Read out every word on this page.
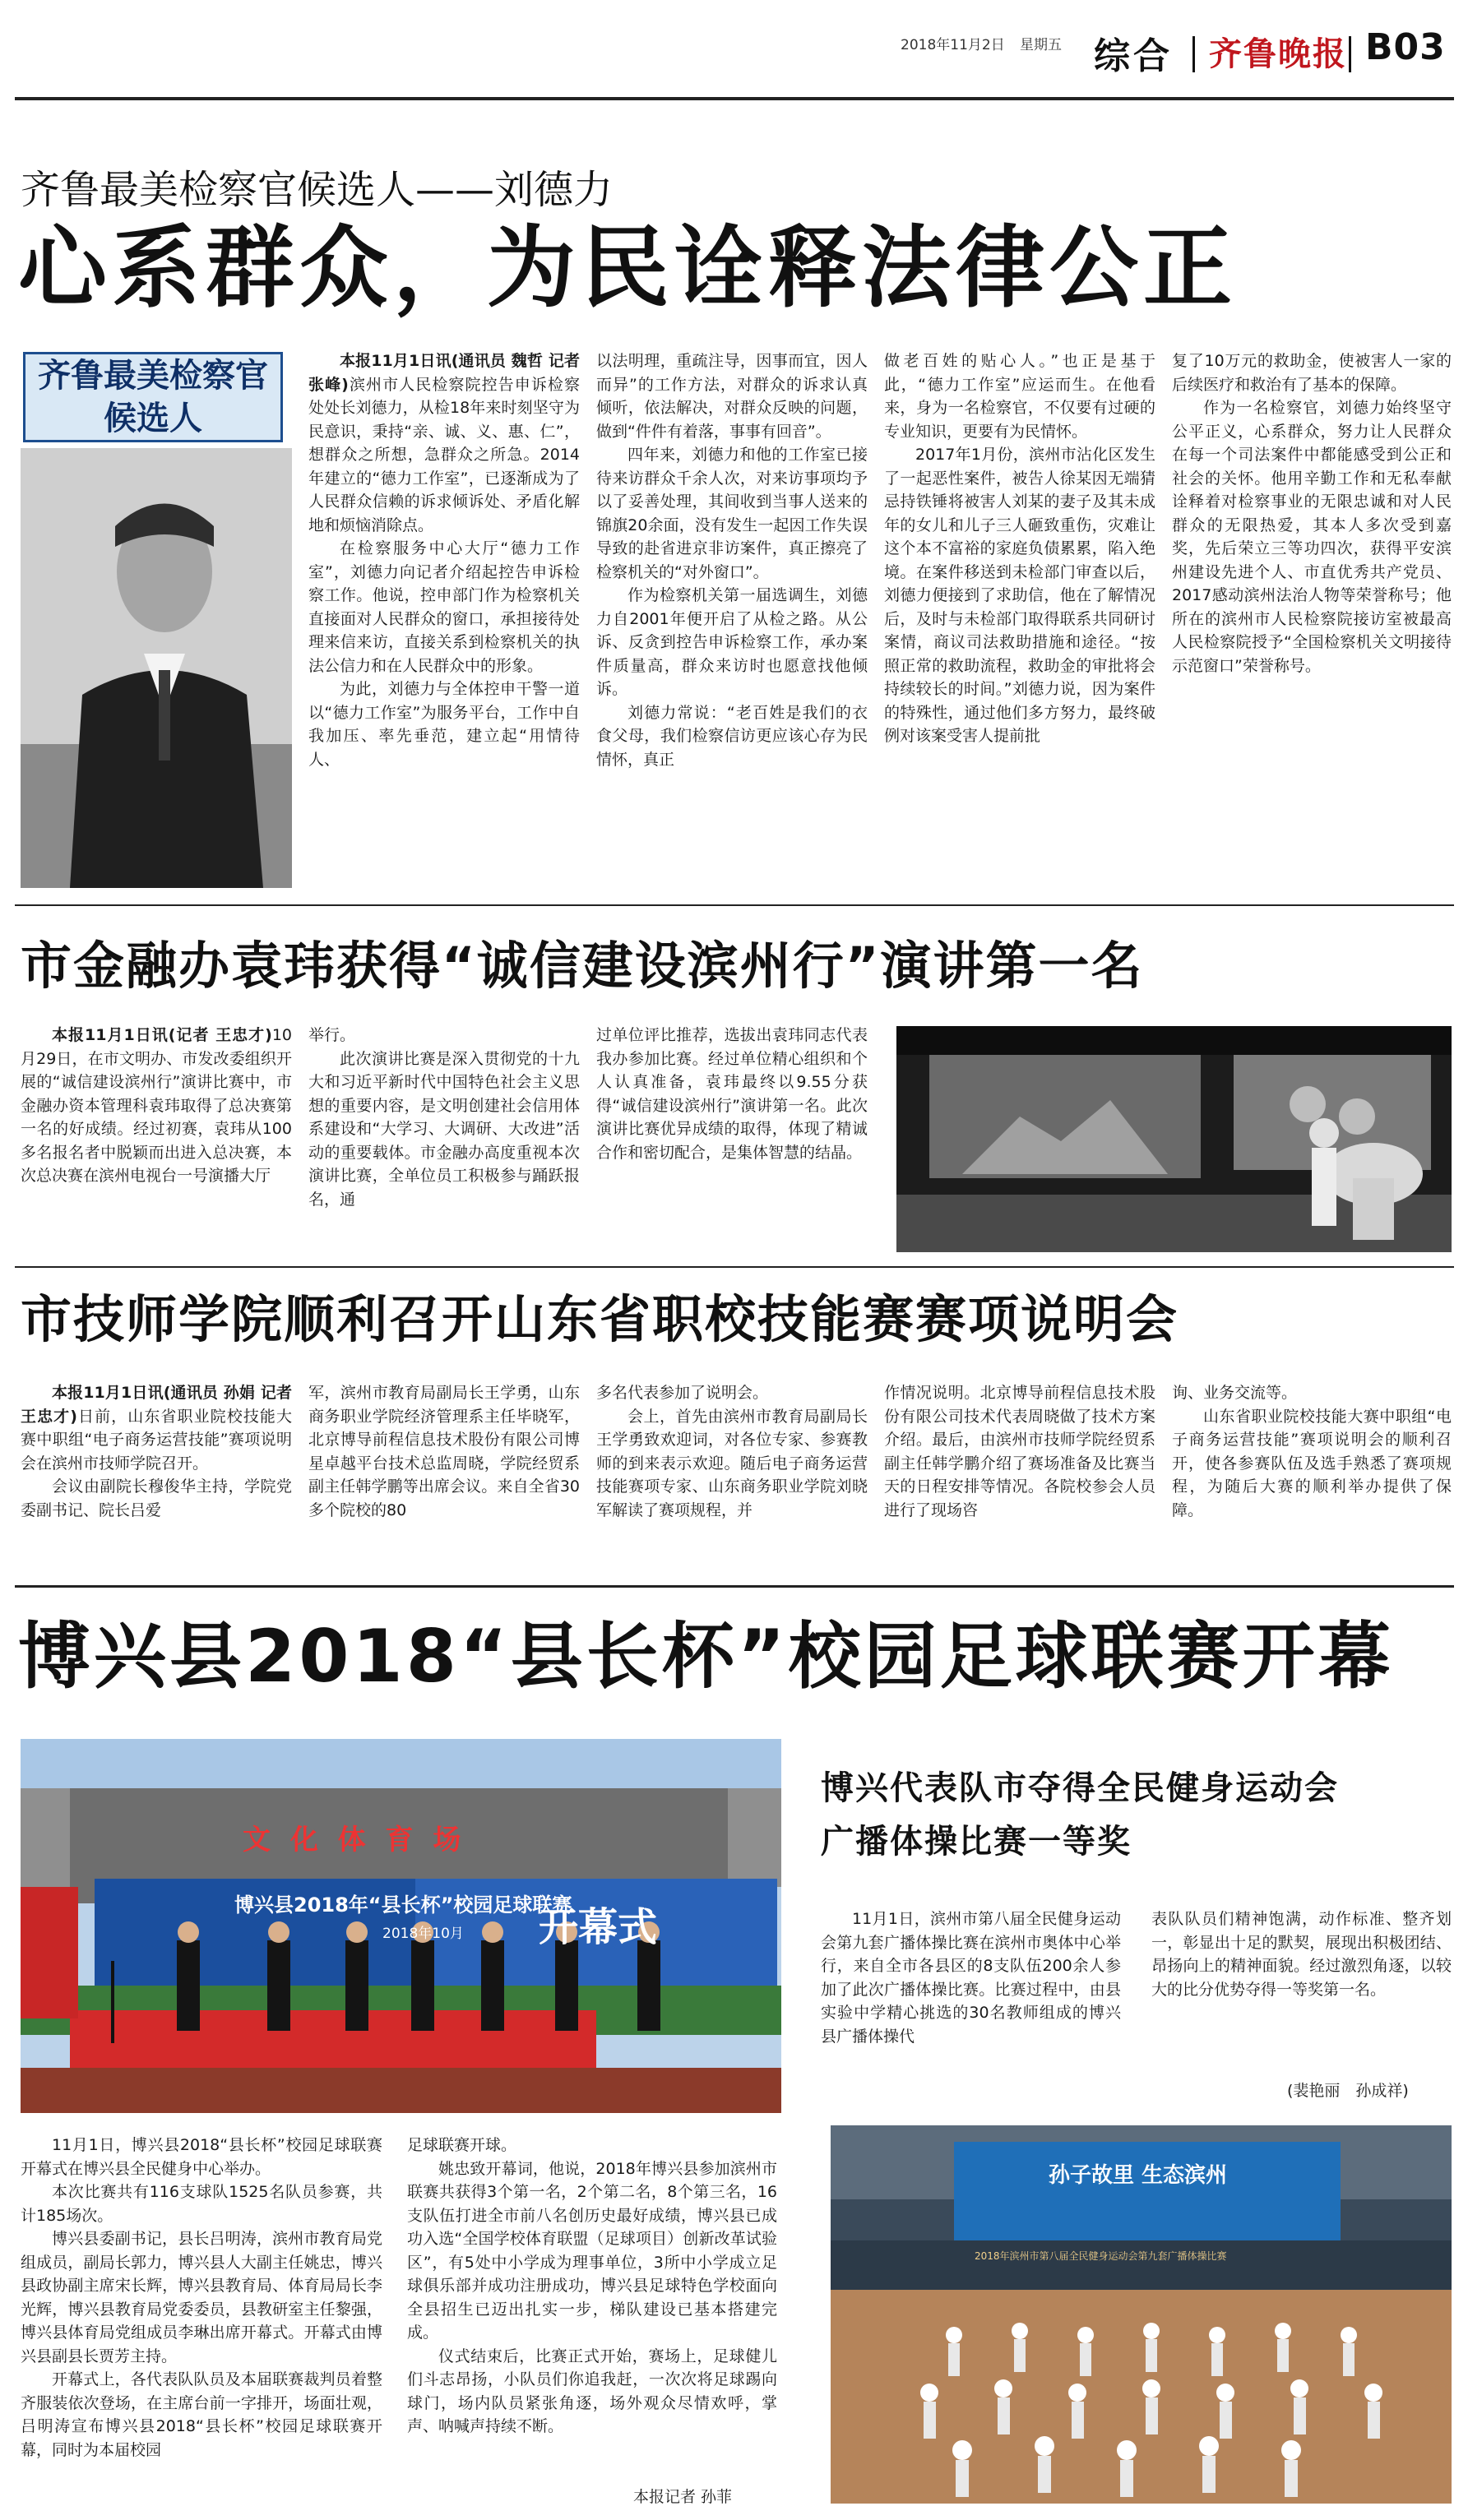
2018年11月2日 星期五 综合 齐鲁晚报 B03
齐鲁最美检察官候选人——刘德力
心系群众，为民诠释法律公正
齐鲁最美检察官
候选人

本报11月1日讯(通讯员 魏哲 记者 张峰)滨州市人民检察院控告申诉检察处处长刘德力，从检18年来时刻坚守为民意识，秉持“亲、诚、义、惠、仁”，想群众之所想，急群众之所急。2014年建立的“德力工作室”，已逐渐成为了人民群众信赖的诉求倾诉处、矛盾化解地和烦恼消除点。

在检察服务中心大厅“德力工作室”，刘德力向记者介绍起控告申诉检察工作。他说，控申部门作为检察机关直接面对人民群众的窗口，承担接待处理来信来访，直接关系到检察机关的执法公信力和在人民群众中的形象。

为此，刘德力与全体控申干警一道以“德力工作室”为服务平台，工作中自我加压、率先垂范，建立起“用情待人、

以法明理，重疏注导，因事而宜，因人而异”的工作方法，对群众的诉求认真倾听，依法解决，对群众反映的问题，做到“件件有着落，事事有回音”。

四年来，刘德力和他的工作室已接待来访群众千余人次，对来访事项均予以了妥善处理，其间收到当事人送来的锦旗20余面，没有发生一起因工作失误导致的赴省进京非访案件，真正擦亮了检察机关的“对外窗口”。

作为检察机关第一届选调生，刘德力自2001年便开启了从检之路。从公诉、反贪到控告申诉检察工作，承办案件质量高，群众来访时也愿意找他倾诉。

刘德力常说：“老百姓是我们的衣食父母，我们检察信访更应该心存为民情怀，真正

做老百姓的贴心人。”也正是基于此，“德力工作室”应运而生。在他看来，身为一名检察官，不仅要有过硬的专业知识，更要有为民情怀。

2017年1月份，滨州市沾化区发生了一起恶性案件，被告人徐某因无端猜忌持铁锤将被害人刘某的妻子及其未成年的女儿和儿子三人砸致重伤，灾难让这个本不富裕的家庭负债累累，陷入绝境。在案件移送到未检部门审查以后，刘德力便接到了求助信，他在了解情况后，及时与未检部门取得联系共同研讨案情，商议司法救助措施和途径。“按照正常的救助流程，救助金的审批将会持续较长的时间。”刘德力说，因为案件的特殊性，通过他们多方努力，最终破例对该案受害人提前批

复了10万元的救助金，使被害人一家的后续医疗和救治有了基本的保障。

作为一名检察官，刘德力始终坚守公平正义，心系群众，努力让人民群众在每一个司法案件中都能感受到公正和社会的关怀。他用辛勤工作和无私奉献诠释着对检察事业的无限忠诚和对人民群众的无限热爱，其本人多次受到嘉奖，先后荣立三等功四次，获得平安滨州建设先进个人、市直优秀共产党员、2017感动滨州法治人物等荣誉称号；他所在的滨州市人民检察院接访室被最高人民检察院授予“全国检察机关文明接待示范窗口”荣誉称号。

市金融办袁玮获得“诚信建设滨州行”演讲第一名

本报11月1日讯(记者 王忠才)10月29日，在市文明办、市发改委组织开展的“诚信建设滨州行”演讲比赛中，市金融办资本管理科袁玮取得了总决赛第一名的好成绩。经过初赛，袁玮从100多名报名者中脱颖而出进入总决赛，本次总决赛在滨州电视台一号演播大厅

举行。

此次演讲比赛是深入贯彻党的十九大和习近平新时代中国特色社会主义思想的重要内容，是文明创建社会信用体系建设和“大学习、大调研、大改进”活动的重要载体。市金融办高度重视本次演讲比赛，全单位员工积极参与踊跃报名，通

过单位评比推荐，选拔出袁玮同志代表我办参加比赛。经过单位精心组织和个人认真准备，袁玮最终以9.55分获得“诚信建设滨州行”演讲第一名。此次演讲比赛优异成绩的取得，体现了精诚合作和密切配合，是集体智慧的结晶。

市技师学院顺利召开山东省职校技能赛赛项说明会

本报11月1日讯(通讯员 孙娟 记者 王忠才)日前，山东省职业院校技能大赛中职组“电子商务运营技能”赛项说明会在滨州市技师学院召开。

会议由副院长穆俊华主持，学院党委副书记、院长吕爱

军，滨州市教育局副局长王学勇，山东商务职业学院经济管理系主任毕晓军，北京博导前程信息技术股份有限公司博星卓越平台技术总监周晓，学院经贸系副主任韩学鹏等出席会议。来自全省30多个院校的80

多名代表参加了说明会。

会上，首先由滨州市教育局副局长王学勇致欢迎词，对各位专家、参赛教师的到来表示欢迎。随后电子商务运营技能赛项专家、山东商务职业学院刘晓军解读了赛项规程，并

作情况说明。北京博导前程信息技术股份有限公司技术代表周晓做了技术方案介绍。最后，由滨州市技师学院经贸系副主任韩学鹏介绍了赛场准备及比赛当天的日程安排等情况。各院校参会人员进行了现场咨

询、业务交流等。

山东省职业院校技能大赛中职组“电子商务运营技能”赛项说明会的顺利召开，使各参赛队伍及选手熟悉了赛项规程，为随后大赛的顺利举办提供了保障。

博兴县2018“县长杯”校园足球联赛开幕
文 化 体 育 场
博兴县2018年“县长杯”校园足球联赛
2018年10月 开幕式

11月1日，博兴县2018“县长杯”校园足球联赛开幕式在博兴县全民健身中心举办。

本次比赛共有116支球队1525名队员参赛，共计185场次。

博兴县委副书记，县长吕明涛，滨州市教育局党组成员，副局长郭力，博兴县人大副主任姚忠，博兴县政协副主席宋长辉，博兴县教育局、体育局局长李光辉，博兴县教育局党委委员，县教研室主任黎强，博兴县体育局党组成员李琳出席开幕式。开幕式由博兴县副县长贾芳主持。

开幕式上，各代表队队员及本届联赛裁判员着整齐服装依次登场，在主席台前一字排开，场面壮观，吕明涛宣布博兴县2018“县长杯”校园足球联赛开幕，同时为本届校园

足球联赛开球。

姚忠致开幕词，他说，2018年博兴县参加滨州市联赛共获得3个第一名，2个第二名，8个第三名，16支队伍打进全市前八名创历史最好成绩，博兴县已成功入选“全国学校体育联盟（足球项目）创新改革试验区”，有5处中小学成为理事单位，3所中小学成立足球俱乐部并成功注册成功，博兴县足球特色学校面向全县招生已迈出扎实一步，梯队建设已基本搭建完成。

仪式结束后，比赛正式开始，赛场上，足球健儿们斗志昂扬，小队员们你追我赶，一次次将足球踢向球门，场内队员紧张角逐，场外观众尽情欢呼，掌声、呐喊声持续不断。

本报记者 孙菲
博兴代表队市夺得全民健身运动会
广播体操比赛一等奖

11月1日，滨州市第八届全民健身运动会第九套广播体操比赛在滨州市奥体中心举行，来自全市各县区的8支队伍200余人参加了此次广播体操比赛。比赛过程中，由县实验中学精心挑选的30名教师组成的博兴县广播体操代

表队队员们精神饱满，动作标准、整齐划一，彰显出十足的默契，展现出积极团结、昂扬向上的精神面貌。经过激烈角逐，以较大的比分优势夺得一等奖第一名。

(裴艳丽　孙成祥)
孙子故里 生态滨州
2018年滨州市第八届全民健身运动会第九套广播体操比赛
